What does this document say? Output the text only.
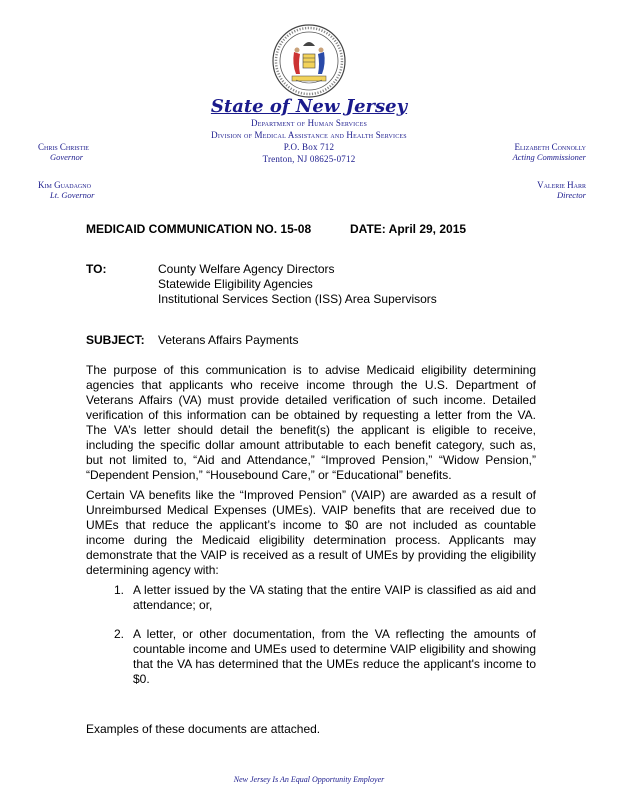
State of New Jersey
Department of Human Services
Division of Medical Assistance and Health Services
P.O. Box 712
Trenton, NJ 08625-0712
Chris Christie
Governor
Kim Guadagno
Lt. Governor
Elizabeth Connolly
Acting Commissioner
Valerie Harr
Director
MEDICAID COMMUNICATION NO. 15-08	DATE: April 29, 2015
TO:	County Welfare Agency Directors
Statewide Eligibility Agencies
Institutional Services Section (ISS) Area Supervisors
SUBJECT: Veterans Affairs Payments
The purpose of this communication is to advise Medicaid eligibility determining agencies that applicants who receive income through the U.S. Department of Veterans Affairs (VA) must provide detailed verification of such income. Detailed verification of this information can be obtained by requesting a letter from the VA. The VA’s letter should detail the benefit(s) the applicant is eligible to receive, including the specific dollar amount attributable to each benefit category, such as, but not limited to, “Aid and Attendance,” “Improved Pension,” “Widow Pension,” “Dependent Pension,” “Housebound Care,” or “Educational” benefits.
Certain VA benefits like the “Improved Pension” (VAIP) are awarded as a result of Unreimbursed Medical Expenses (UMEs). VAIP benefits that are received due to UMEs that reduce the applicant’s income to $0 are not included as countable income during the Medicaid eligibility determination process. Applicants may demonstrate that the VAIP is received as a result of UMEs by providing the eligibility determining agency with:
1. A letter issued by the VA stating that the entire VAIP is classified as aid and attendance; or,
2. A letter, or other documentation, from the VA reflecting the amounts of countable income and UMEs used to determine VAIP eligibility and showing that the VA has determined that the UMEs reduce the applicant's income to $0.
Examples of these documents are attached.
New Jersey Is An Equal Opportunity Employer
